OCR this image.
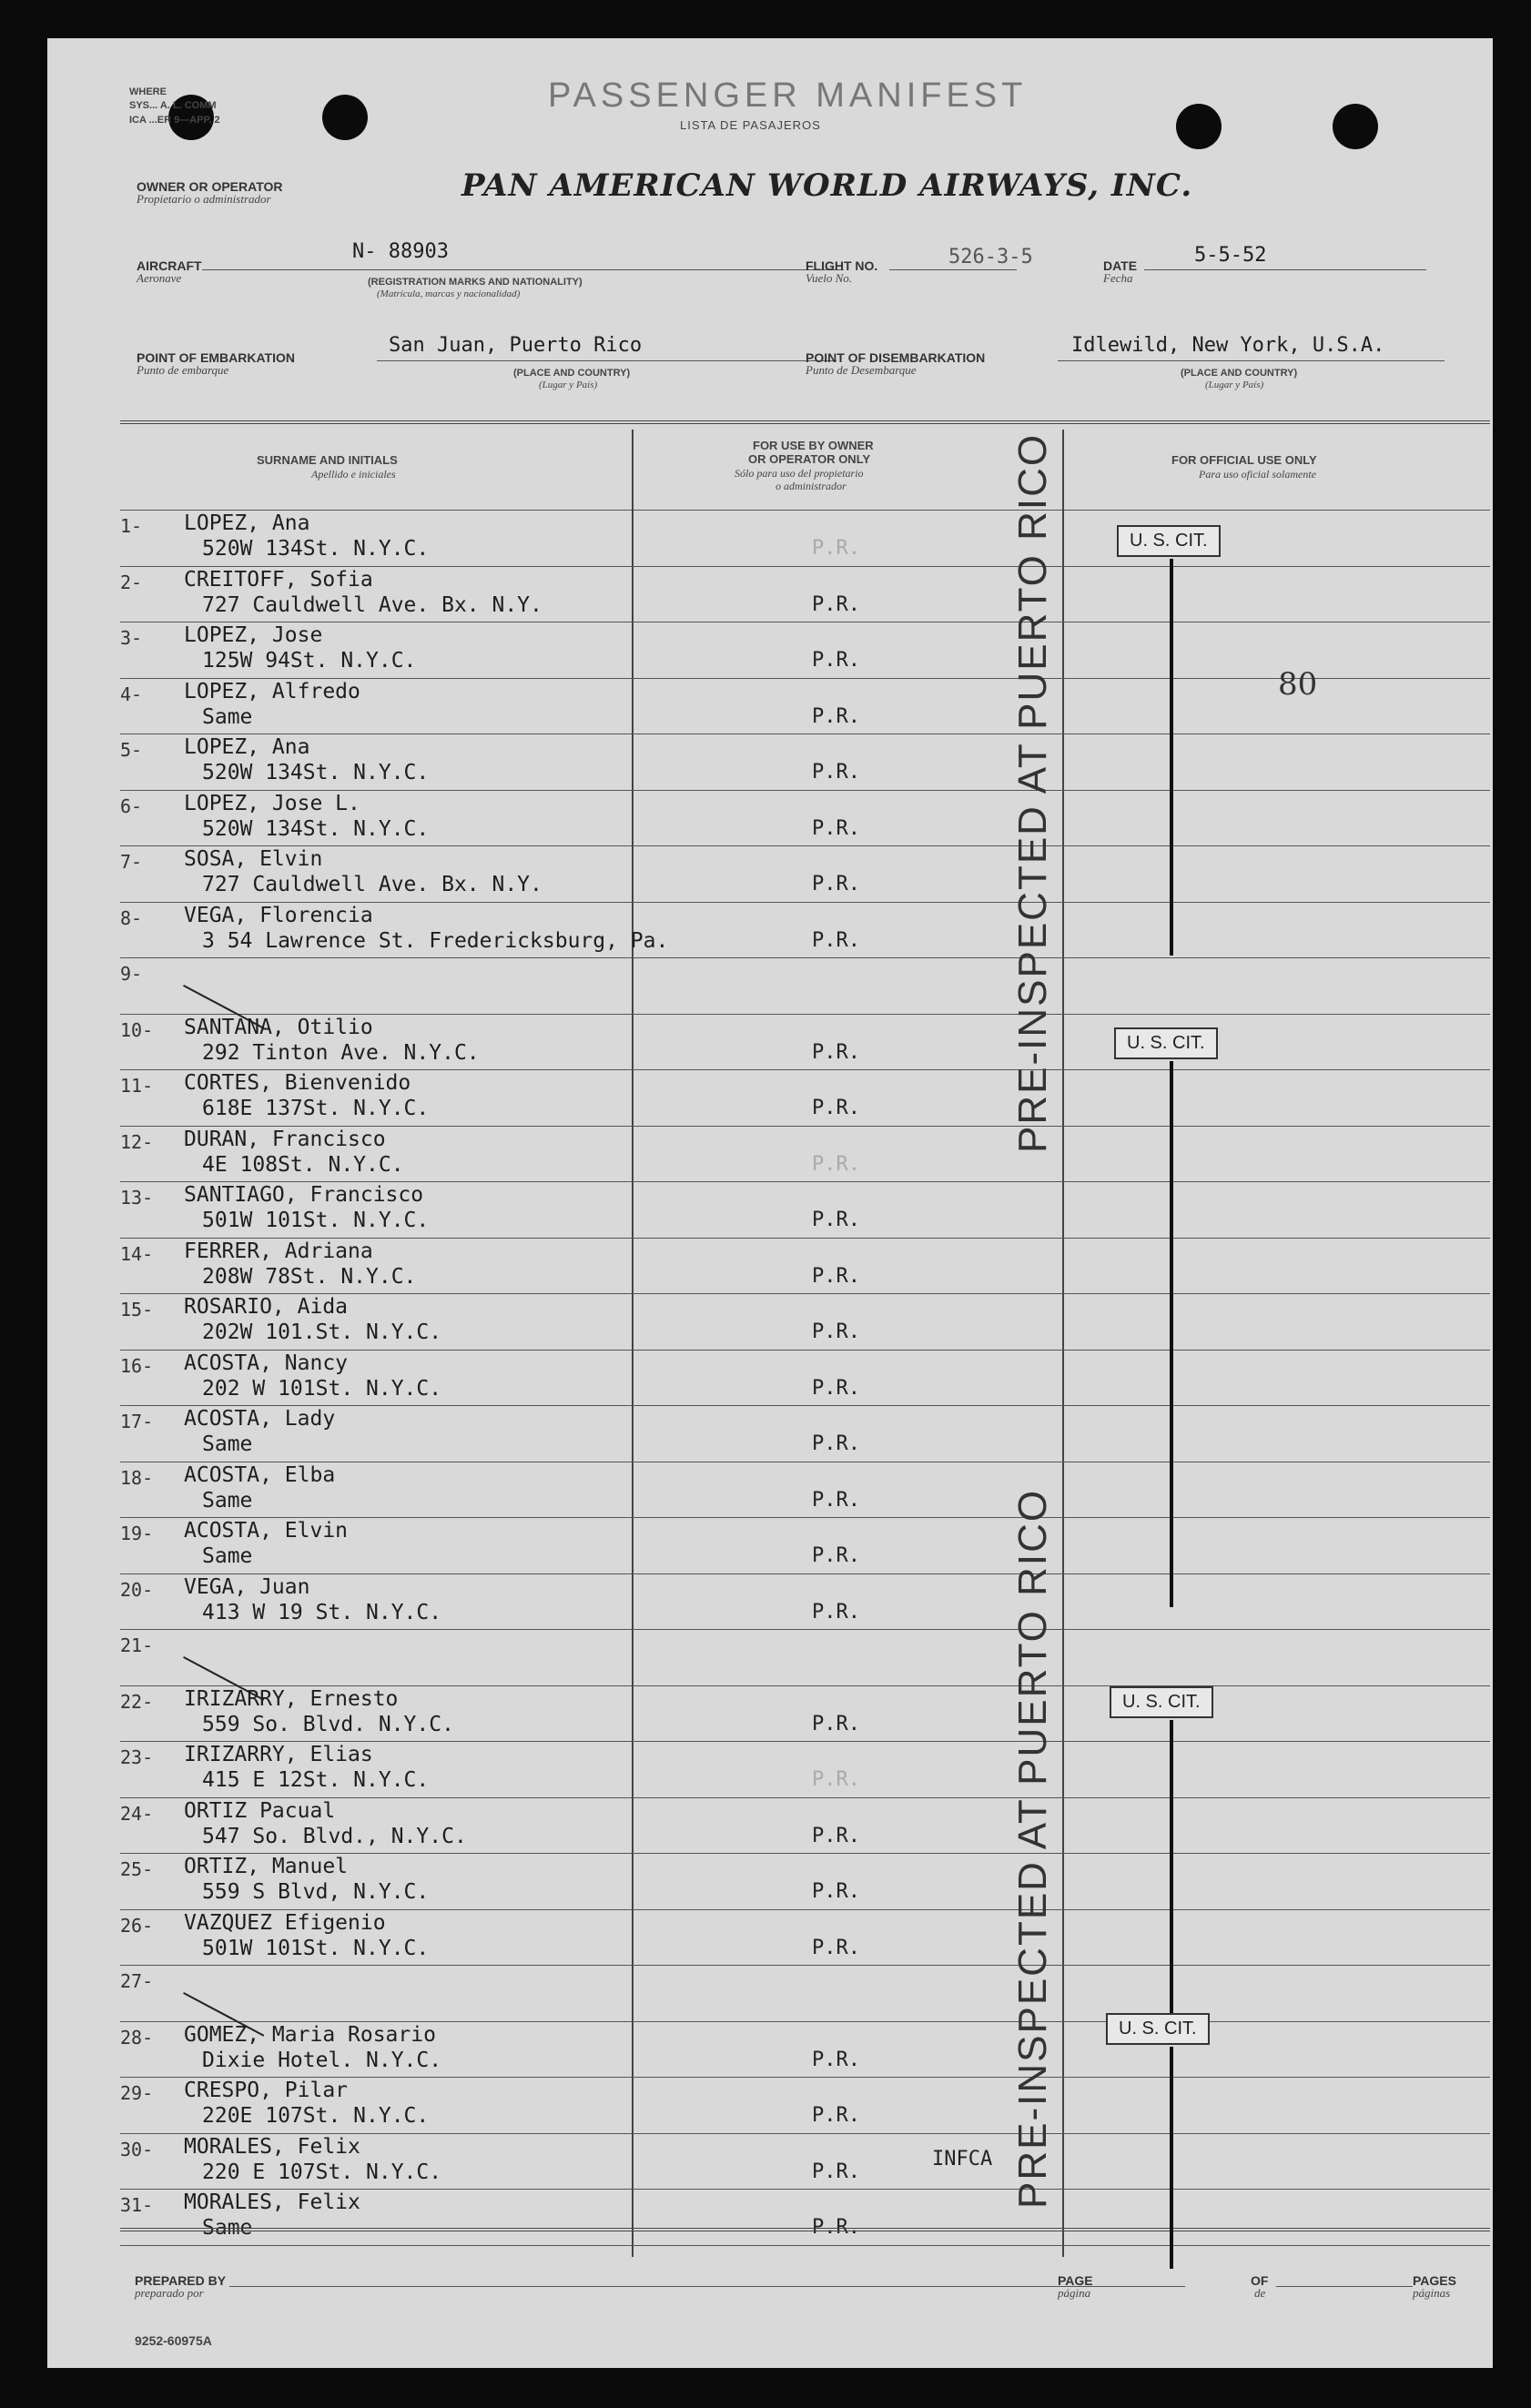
WHERE
SYS... A. L. COMM
ICA ...ER 9—APP. 2
PASSENGER MANIFEST
LISTA DE PASAJEROS
OWNER OR OPERATOR
Propietario o administrador	PAN AMERICAN WORLD AIRWAYS, INC.
AIRCRAFT
Aeronave
N- 88903
(REGISTRATION MARKS AND NATIONALITY)
(Matrícula, marcas y nacionalidad)
FLIGHT NO.
Vuelo No.
526-3-5	DATE
Fecha
5-5-52
POINT OF EMBARKATION
Punto de embarque
San Juan, Puerto Rico
(PLACE AND COUNTRY)
(Lugar y País)
POINT OF DISEMBARKATION
Punto de Desembarque
Idlewild, New York, U.S.A.
(PLACE AND COUNTRY)
(Lugar y País)
SURNAME AND INITIALS
Apellido e iniciales
FOR USE BY OWNER
OR OPERATOR ONLY
Sólo para uso del propietario
o administrador
FOR OFFICIAL USE ONLY
Para uso oficial solamente
1- LOPEZ, Ana
520W 134St. N.Y.C.	P.R.
2- CREITOFF, Sofia
727 Cauldwell Ave. Bx. N.Y.	P.R.
3- LOPEZ, Jose
125W 94St. N.Y.C.	P.R.
4- LOPEZ, Alfredo
Same	P.R.
5- LOPEZ, Ana
520W 134St. N.Y.C.	P.R.
6- LOPEZ, Jose L.
520W 134St. N.Y.C.	P.R.
7- SOSA, Elvin
727 Cauldwell Ave. Bx. N.Y.	P.R.
8- VEGA, Florencia
3 54 Lawrence St. Fredericksburg, Pa.	P.R.
9-
10- SANTANA, Otilio
292 Tinton Ave. N.Y.C.	P.R.
11- CORTES, Bienvenido
618E 137St. N.Y.C.	P.R.
12- DURAN, Francisco
4E 108St. N.Y.C.	P.R.
13- SANTIAGO, Francisco
501W 101St. N.Y.C.	P.R.
14- FERRER, Adriana
208W 78St. N.Y.C.	P.R.
15- ROSARIO, Aida
202W 101.St. N.Y.C.	P.R.
16- ACOSTA, Nancy
202 W 101St. N.Y.C.	P.R.
17- ACOSTA, Lady
Same	P.R.
18- ACOSTA, Elba
Same	P.R.
19- ACOSTA, Elvin
Same	P.R.
20- VEGA, Juan
413 W 19 St. N.Y.C.	P.R.
21-
22- IRIZARRY, Ernesto
559 So. Blvd. N.Y.C.	P.R.
23- IRIZARRY, Elias
415 E 12St. N.Y.C.	P.R.
24- ORTIZ Pacual
547 So. Blvd., N.Y.C.	P.R.
25- ORTIZ, Manuel
559 S Blvd, N.Y.C.	P.R.
26- VAZQUEZ Efigenio
501W 101St. N.Y.C.	P.R.
27-
28- GOMEZ, Maria Rosario
Dixie Hotel. N.Y.C.	P.R.
29- CRESPO, Pilar
220E 107St. N.Y.C.	P.R.
30- MORALES, Felix
220 E 107St. N.Y.C.	P.R.
31- MORALES, Felix
Same	P.R.
U. S. CIT.
U. S. CIT.
U. S. CIT.
U. S. CIT.
80
PRE-INSPECTED AT PUERTO RICO
PRE-INSPECTED AT PUERTO RICO
INFCA
PREPARED BY
preparado por
PAGE
página
OF
de
PAGES
páginas
9252-60975A
